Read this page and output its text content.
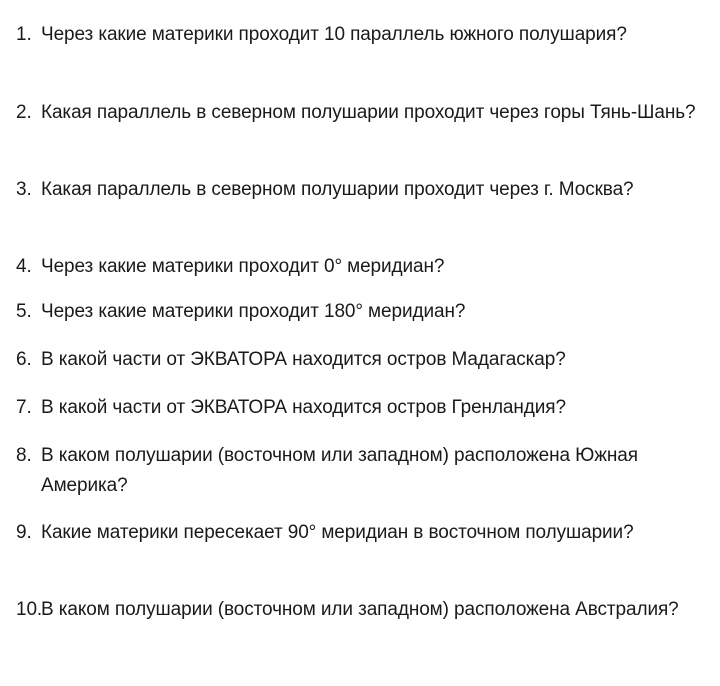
1. Через какие материки проходит 10 параллель южного полушария?
2. Какая параллель в северном полушарии проходит через горы Тянь-Шань?
3. Какая параллель в северном полушарии проходит через г. Москва?
4. Через какие материки проходит 0° меридиан?
5. Через какие материки проходит 180° меридиан?
6. В какой части от ЭКВАТОРА находится остров Мадагаскар?
7. В какой части от ЭКВАТОРА находится остров Гренландия?
8. В каком полушарии (восточном или западном) расположена Южная Америка?
9. Какие материки пересекает 90° меридиан в восточном полушарии?
10.
В каком полушарии (восточном или западном) расположена Австралия?
